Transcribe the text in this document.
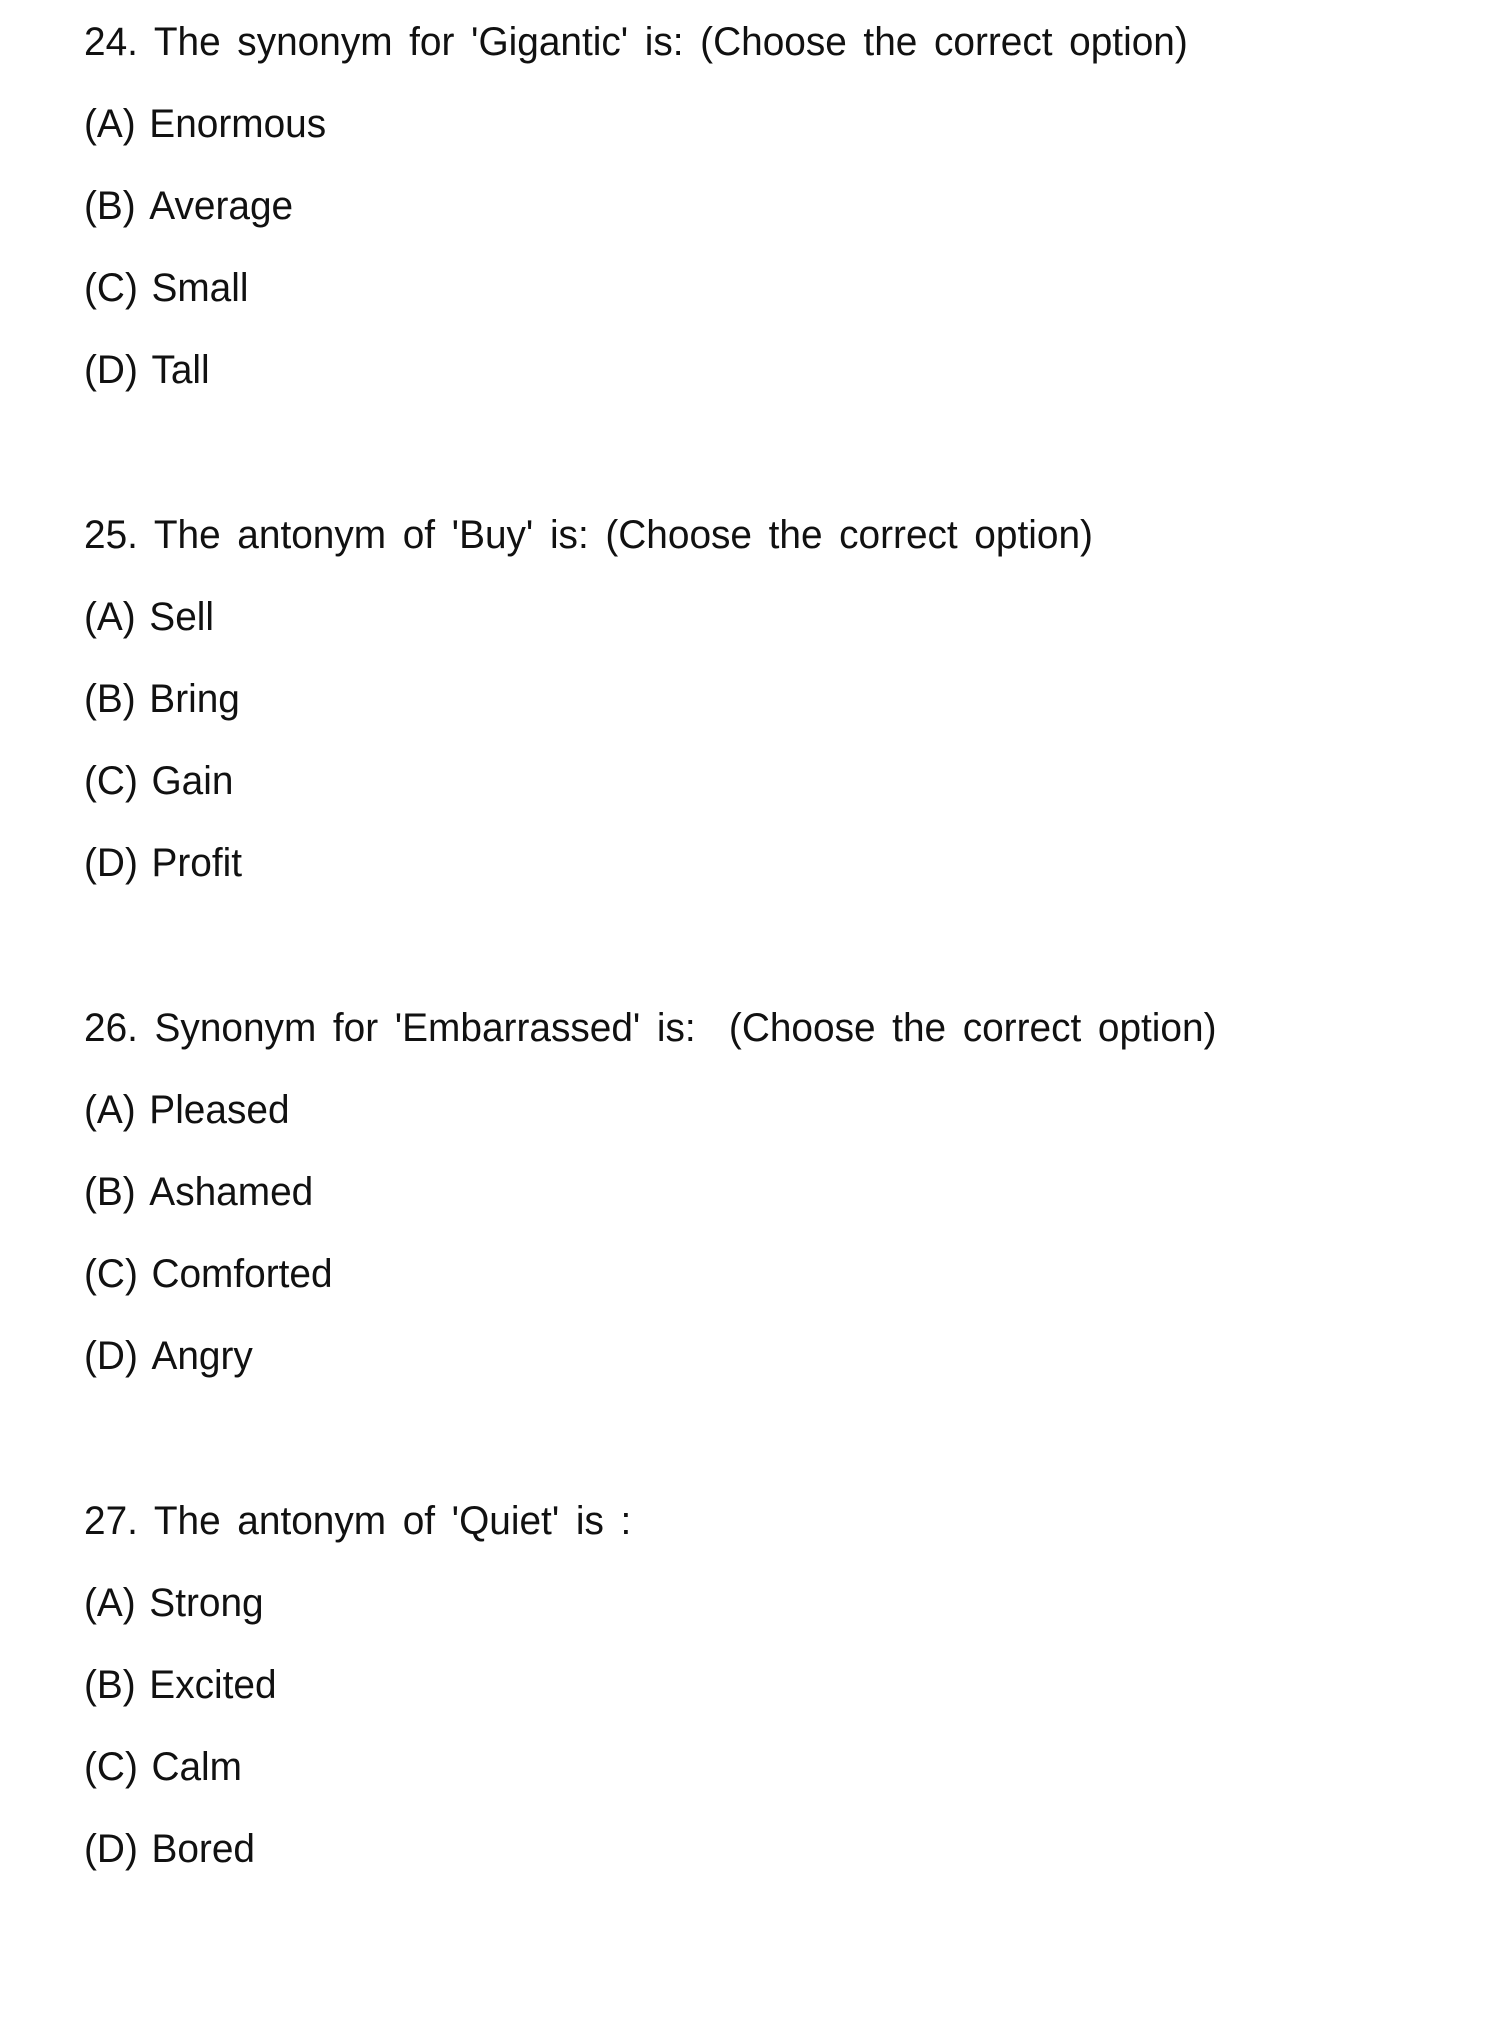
24. The synonym for 'Gigantic' is: (Choose the correct option)
(A) Enormous
(B) Average
(C) Small
(D) Tall
25. The antonym of 'Buy' is: (Choose the correct option)
(A) Sell
(B) Bring
(C) Gain
(D) Profit
26. Synonym for 'Embarrassed' is:  (Choose the correct option)
(A) Pleased
(B) Ashamed
(C) Comforted
(D) Angry
27. The antonym of 'Quiet' is :
(A) Strong
(B) Excited
(C) Calm
(D) Bored
